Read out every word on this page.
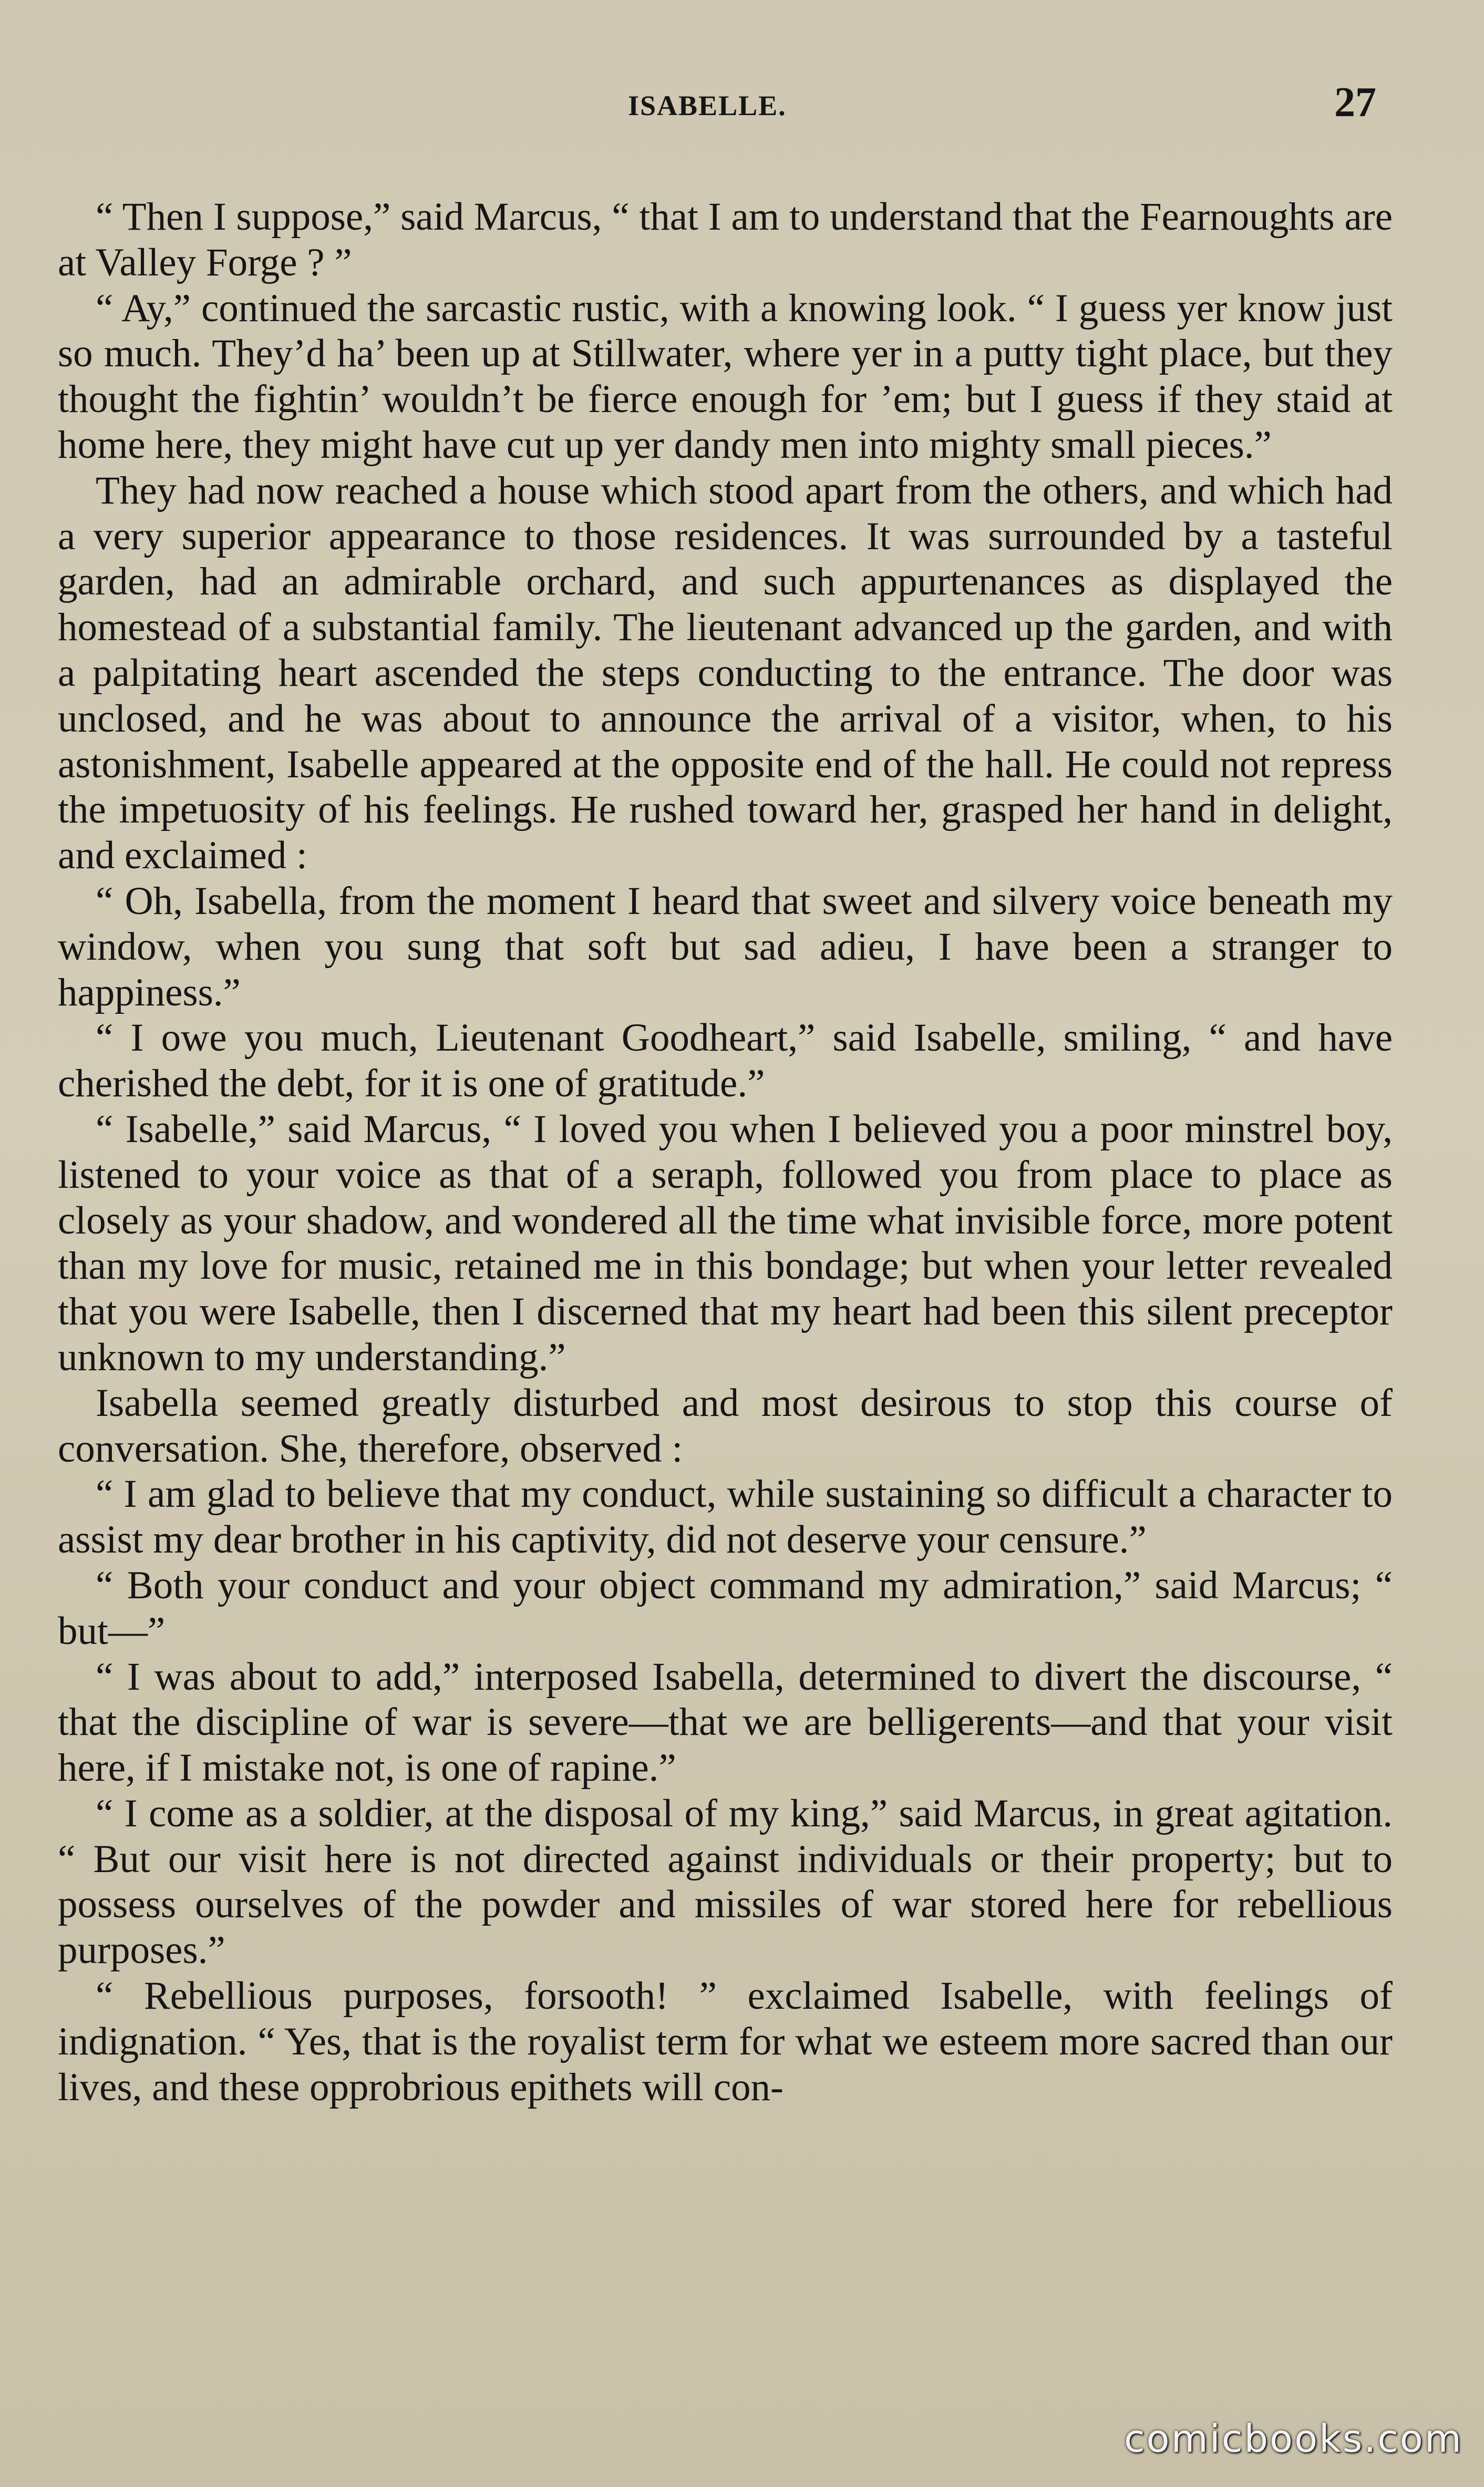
ISABELLE.	27

“ Then I suppose,” said Marcus, “ that I am to understand that the Fearnoughts are at Valley Forge ? ”

“ Ay,” continued the sarcastic rustic, with a knowing look. “ I guess yer know just so much. They’d ha’ been up at Stillwater, where yer in a putty tight place, but they thought the fightin’ wouldn’t be fierce enough for ’em; but I guess if they staid at home here, they might have cut up yer dandy men into mighty small pieces.”

They had now reached a house which stood apart from the others, and which had a very superior appearance to those residences. It was surrounded by a tasteful garden, had an admirable orchard, and such appurtenances as displayed the homestead of a substantial family. The lieutenant advanced up the garden, and with a palpitating heart ascended the steps conducting to the entrance. The door was unclosed, and he was about to announce the arrival of a visitor, when, to his astonishment, Isabelle appeared at the opposite end of the hall. He could not repress the impetuosity of his feelings. He rushed toward her, grasped her hand in delight, and exclaimed :

“ Oh, Isabella, from the moment I heard that sweet and silvery voice beneath my window, when you sung that soft but sad adieu, I have been a stranger to happiness.”

“ I owe you much, Lieutenant Goodheart,” said Isabelle, smiling, “ and have cherished the debt, for it is one of gratitude.”

“ Isabelle,” said Marcus, “ I loved you when I believed you a poor minstrel boy, listened to your voice as that of a seraph, followed you from place to place as closely as your shadow, and wondered all the time what invisible force, more potent than my love for music, retained me in this bondage; but when your letter revealed that you were Isabelle, then I discerned that my heart had been this silent preceptor unknown to my understanding.”

Isabella seemed greatly disturbed and most desirous to stop this course of conversation. She, therefore, observed :

“ I am glad to believe that my conduct, while sustaining so difficult a character to assist my dear brother in his captivity, did not deserve your censure.”

“ Both your conduct and your object command my admiration,” said Marcus; “ but—”

“ I was about to add,” interposed Isabella, determined to divert the discourse, “ that the discipline of war is severe—that we are belligerents—and that your visit here, if I mistake not, is one of rapine.”

“ I come as a soldier, at the disposal of my king,” said Marcus, in great agitation. “ But our visit here is not directed against individuals or their property; but to possess ourselves of the powder and missiles of war stored here for rebellious purposes.”

“ Rebellious purposes, forsooth! ” exclaimed Isabelle, with feelings of indignation. “ Yes, that is the royalist term for what we esteem more sacred than our lives, and these opprobrious epithets will con-

comicbooks.com
